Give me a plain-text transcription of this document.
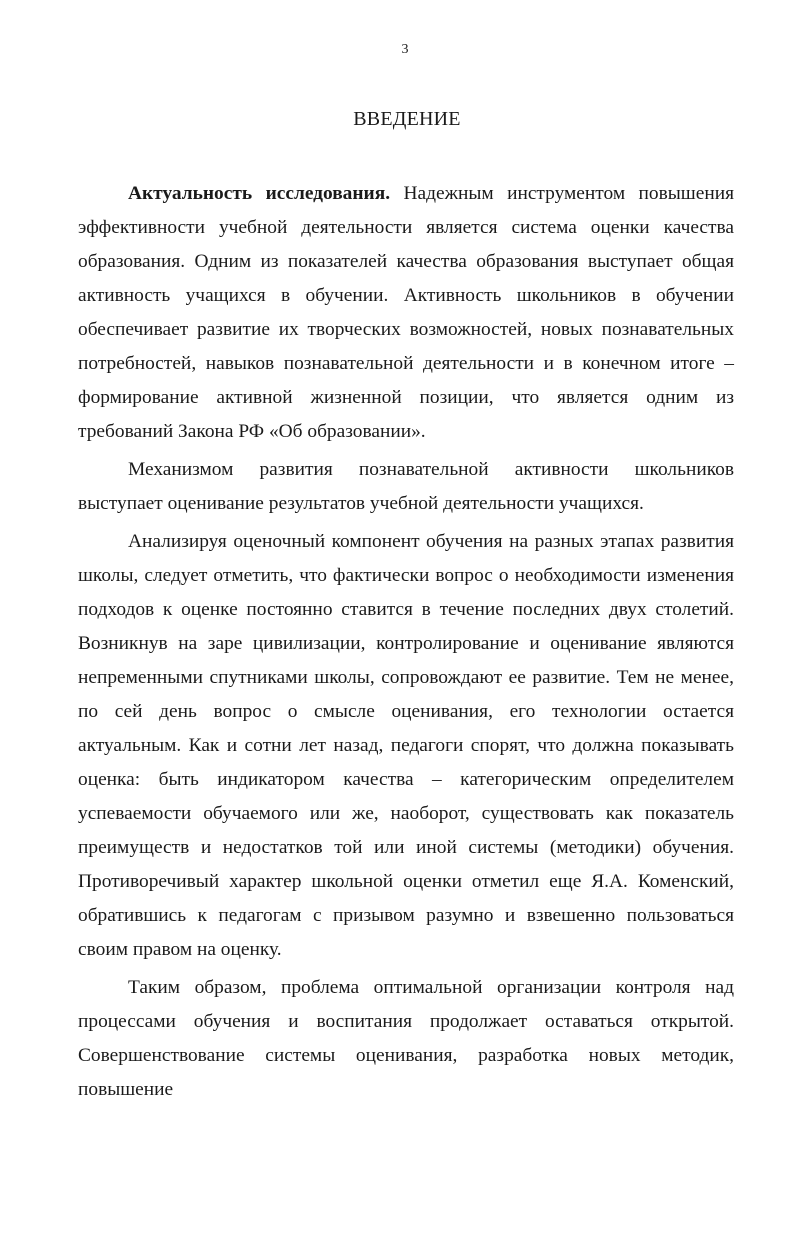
3
ВВЕДЕНИЕ

Актуальность исследования. Надежным инструментом повышения эффективности учебной деятельности является система оценки качества образования. Одним из показателей качества образования выступает общая активность учащихся в обучении. Активность школьников в обучении обеспечивает развитие их творческих возможностей, новых познавательных потребностей, навыков познавательной деятельности и в конечном итоге – формирование активной жизненной позиции, что является одним из требований Закона РФ «Об образовании».

Механизмом развития познавательной активности школьников выступает оценивание результатов учебной деятельности учащихся.

Анализируя оценочный компонент обучения на разных этапах развития школы, следует отметить, что фактически вопрос о необходимости изменения подходов к оценке постоянно ставится в течение последних двух столетий. Возникнув на заре цивилизации, контролирование и оценивание являются непременными спутниками школы, сопровождают ее развитие. Тем не менее, по сей день вопрос о смысле оценивания, его технологии остается актуальным. Как и сотни лет назад, педагоги спорят, что должна показывать оценка: быть индикатором качества – категорическим определителем успеваемости обучаемого или же, наоборот, существовать как показатель преимуществ и недостатков той или иной системы (методики) обучения. Противоречивый характер школьной оценки отметил еще Я.А. Коменский, обратившись к педагогам с призывом разумно и взвешенно пользоваться своим правом на оценку.

Таким образом, проблема оптимальной организации контроля над процессами обучения и воспитания продолжает оставаться открытой. Совершенствование системы оценивания, разработка новых методик, повышение
